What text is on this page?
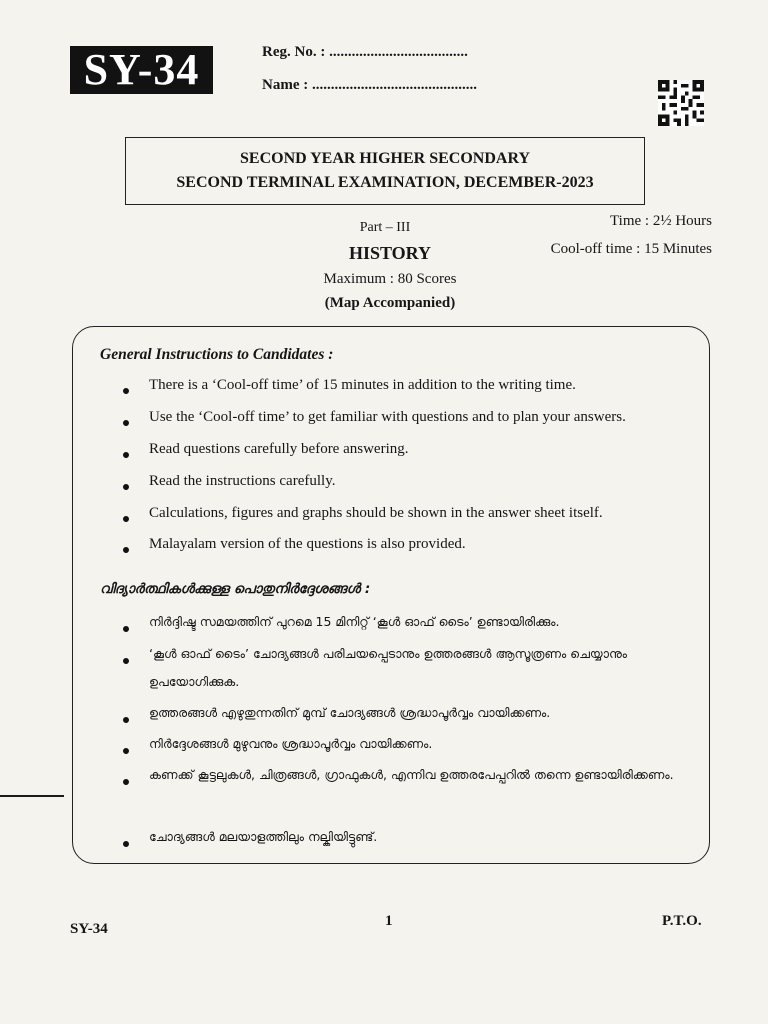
SY-34	Reg. No. : .....................................
Name : ............................................
SECOND YEAR HIGHER SECONDARY
SECOND TERMINAL EXAMINATION, DECEMBER-2023
Part – III
HISTORY
Maximum : 80 Scores
(Map Accompanied)
Time : 2½ Hours
Cool-off time : 15 Minutes
General Instructions to Candidates :
There is a ‘Cool-off time’ of 15 minutes in addition to the writing time.
Use the ‘Cool-off time’ to get familiar with questions and to plan your answers.
Read questions carefully before answering.
Read the instructions carefully.
Calculations, figures and graphs should be shown in the answer sheet itself.
Malayalam version of the questions is also provided.
വിദ്യാർത്ഥികൾക്കുള്ള പൊതുനിർദ്ദേശങ്ങൾ :
നിർദ്ദിഷ്ട സമയത്തിന് പുറമെ 15 മിനിറ്റ് ‘കൂൾ ഓഫ് ടൈം’ ഉണ്ടായിരിക്കും.
‘കൂൾ ഓഫ് ടൈം’ ചോദ്യങ്ങൾ പരിചയപ്പെടാനും ഉത്തരങ്ങൾ ആസൂത്രണം ചെയ്യാനും ഉപയോഗിക്കുക.
ഉത്തരങ്ങൾ എഴുതുന്നതിന് മുമ്പ് ചോദ്യങ്ങൾ ശ്രദ്ധാപൂർവ്വം വായിക്കണം.
നിർദ്ദേശങ്ങൾ മുഴുവനും ശ്രദ്ധാപൂർവ്വം വായിക്കണം.
കണക്ക് കൂട്ടലുകൾ, ചിത്രങ്ങൾ, ഗ്രാഫുകൾ, എന്നിവ ഉത്തരപേപ്പറിൽ തന്നെ ഉണ്ടായിരിക്കണം.
ചോദ്യങ്ങൾ മലയാളത്തിലും നല്കിയിട്ടുണ്ട്.
SY-34	1	P.T.O.
